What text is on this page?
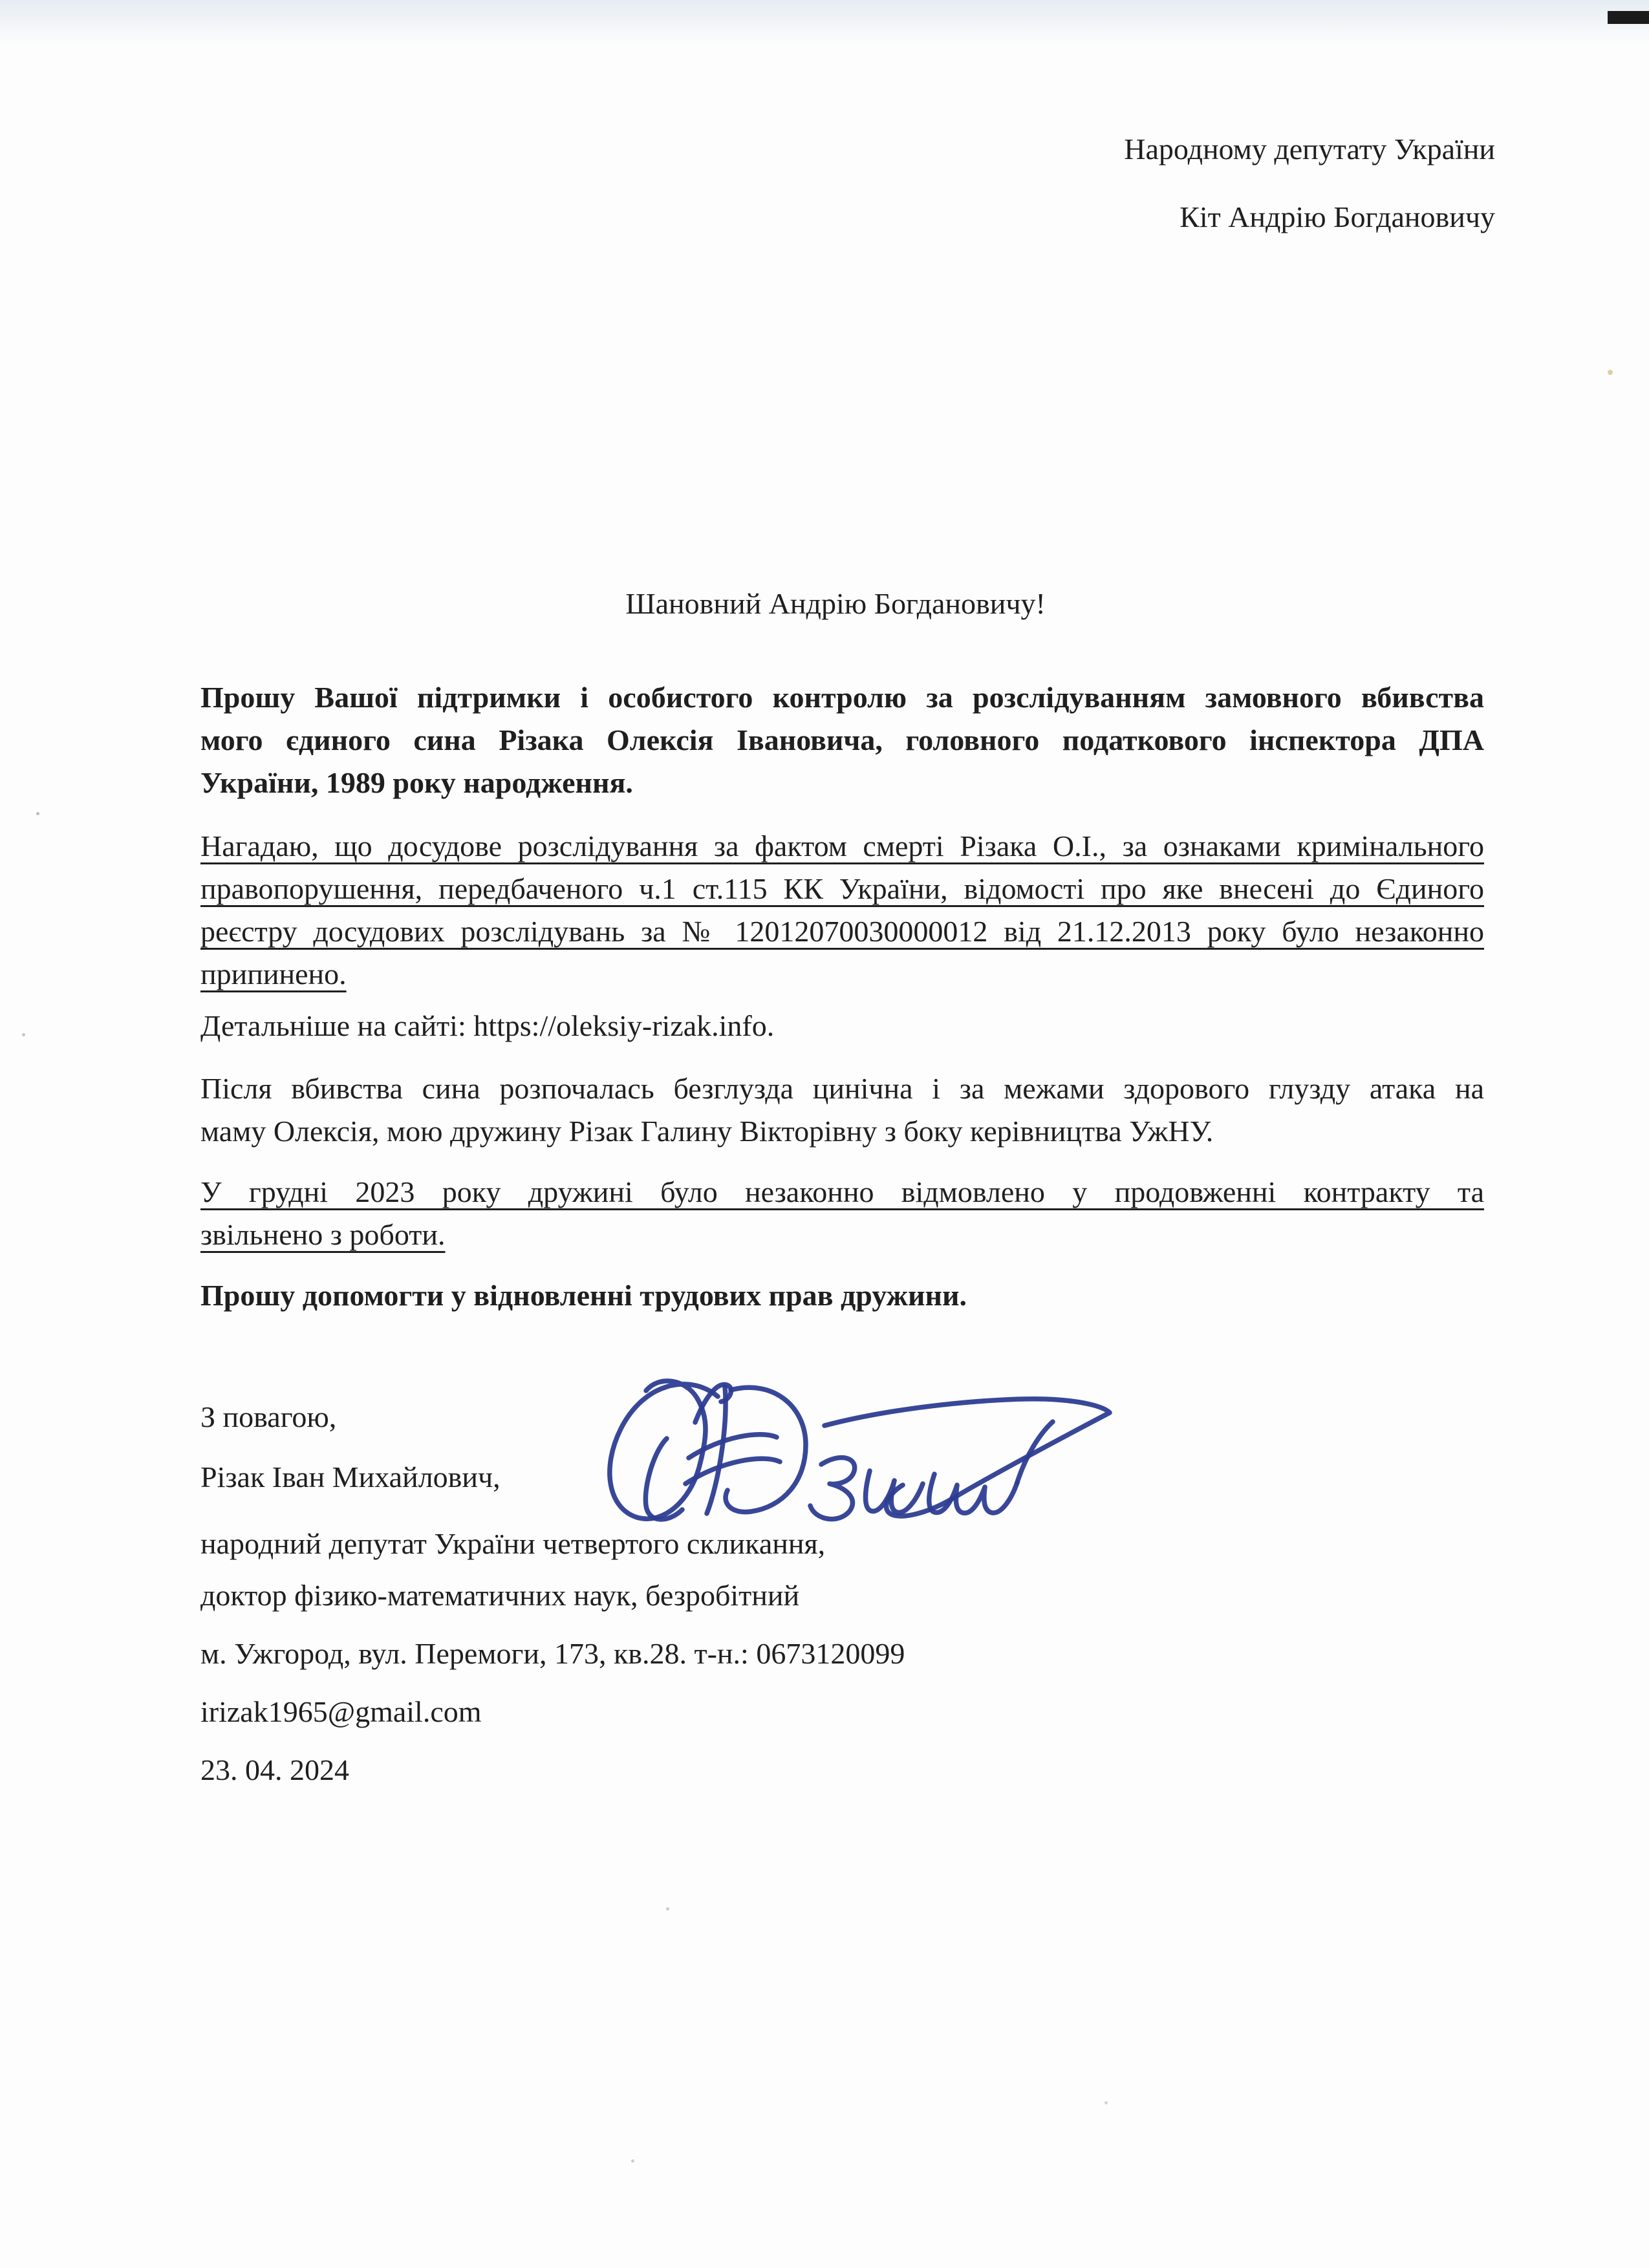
Народному депутату України
Кіт Андрію Богдановичу
Шановний Андрію Богдановичу!
Прошу Вашої підтримки і особистого контролю за розслідуванням замовного вбивства
мого єдиного сина Різака Олексія Івановича, головного податкового інспектора ДПА
України, 1989 року народження.
Нагадаю, що досудове розслідування за фактом смерті Різака О.І., за ознаками кримінального
правопорушення, передбаченого ч.1 ст.115 КК України, відомості про яке внесені до Єдиного
реєстру досудових розслідувань за № 12012070030000012 від 21.12.2013 року було незаконно
припинено.
Детальніше на сайті: https://oleksiy-rizak.info.
Після вбивства сина розпочалась безглузда цинічна і за межами здорового глузду атака на
маму Олексія, мою дружину Різак Галину Вікторівну з боку керівництва УжНУ.
У грудні 2023 року дружині було незаконно відмовлено у продовженні контракту та
звільнено з роботи.
Прошу допомогти у відновленні трудових прав дружини.
З повагою,
Різак Іван Михайлович,
народний депутат України четвертого скликання,
доктор фізико-математичних наук, безробітний
м. Ужгород, вул. Перемоги, 173, кв.28. т-н.: 0673120099
irizak1965@gmail.com
23. 04. 2024
